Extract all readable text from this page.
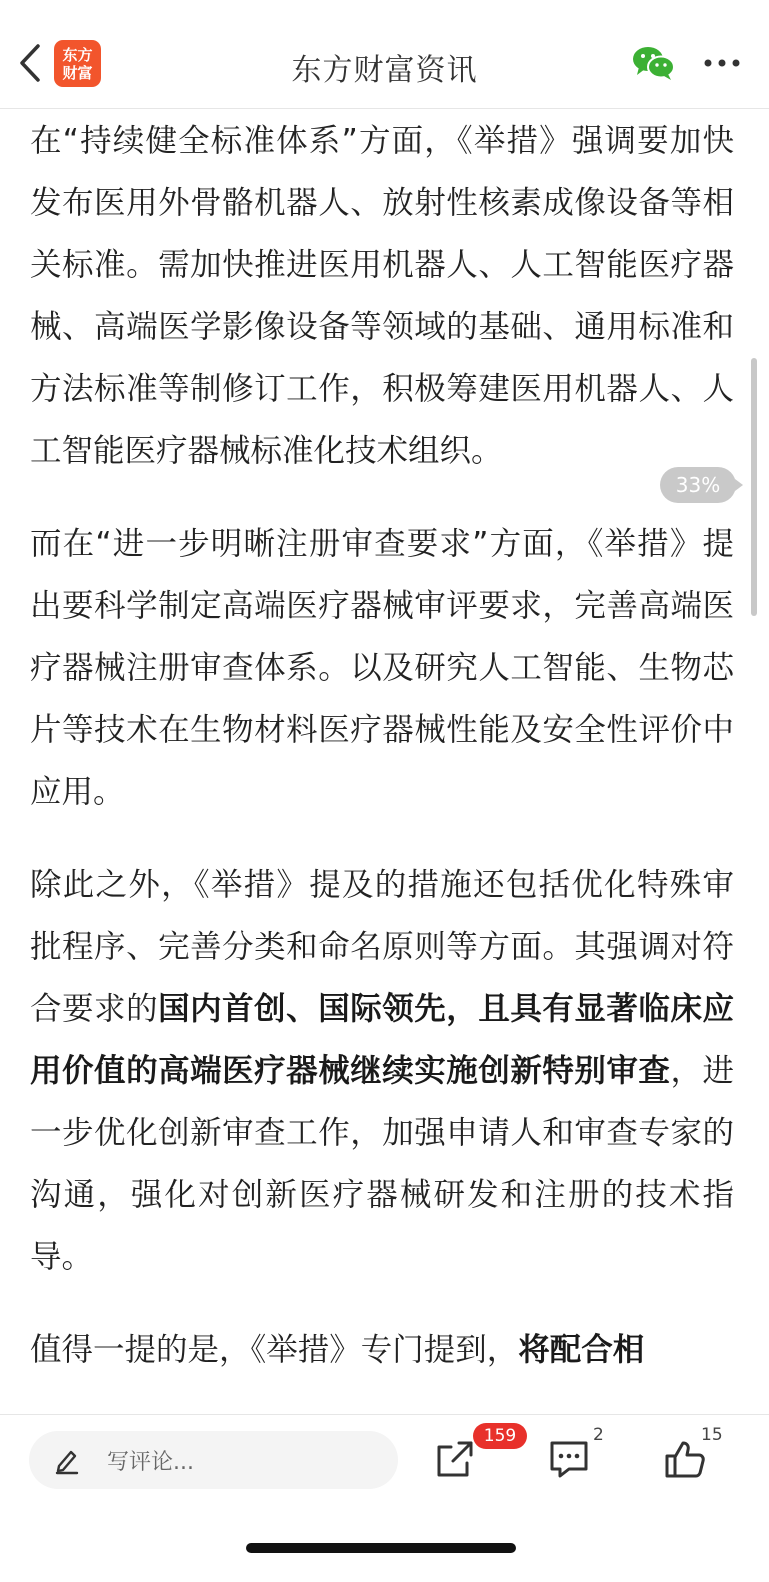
东方
财富	东方财富资讯

在“持续健全标准体系”方面，《举措》强调要加快发布医用外骨骼机器人、放射性核素成像设备等相关标准。需加快推进医用机器人、人工智能医疗器械、高端医学影像设备等领域的基础、通用标准和方法标准等制修订工作，积极筹建医用机器人、人工智能医疗器械标准化技术组织。

而在“进一步明晰注册审查要求”方面，《举措》提出要科学制定高端医疗器械审评要求，完善高端医疗器械注册审查体系。以及研究人工智能、生物芯片等技术在生物材料医疗器械性能及安全性评价中应用。

除此之外，《举措》提及的措施还包括优化特殊审批程序、完善分类和命名原则等方面。其强调对符合要求的国内首创、国际领先，且具有显著临床应用价值的高端医疗器械继续实施创新特别审查，进一步优化创新审查工作，加强申请人和审查专家的沟通，强化对创新医疗器械研发和注册的技术指导。

值得一提的是，《举措》专门提到，将配合相

33%
写评论...
159	2	15
